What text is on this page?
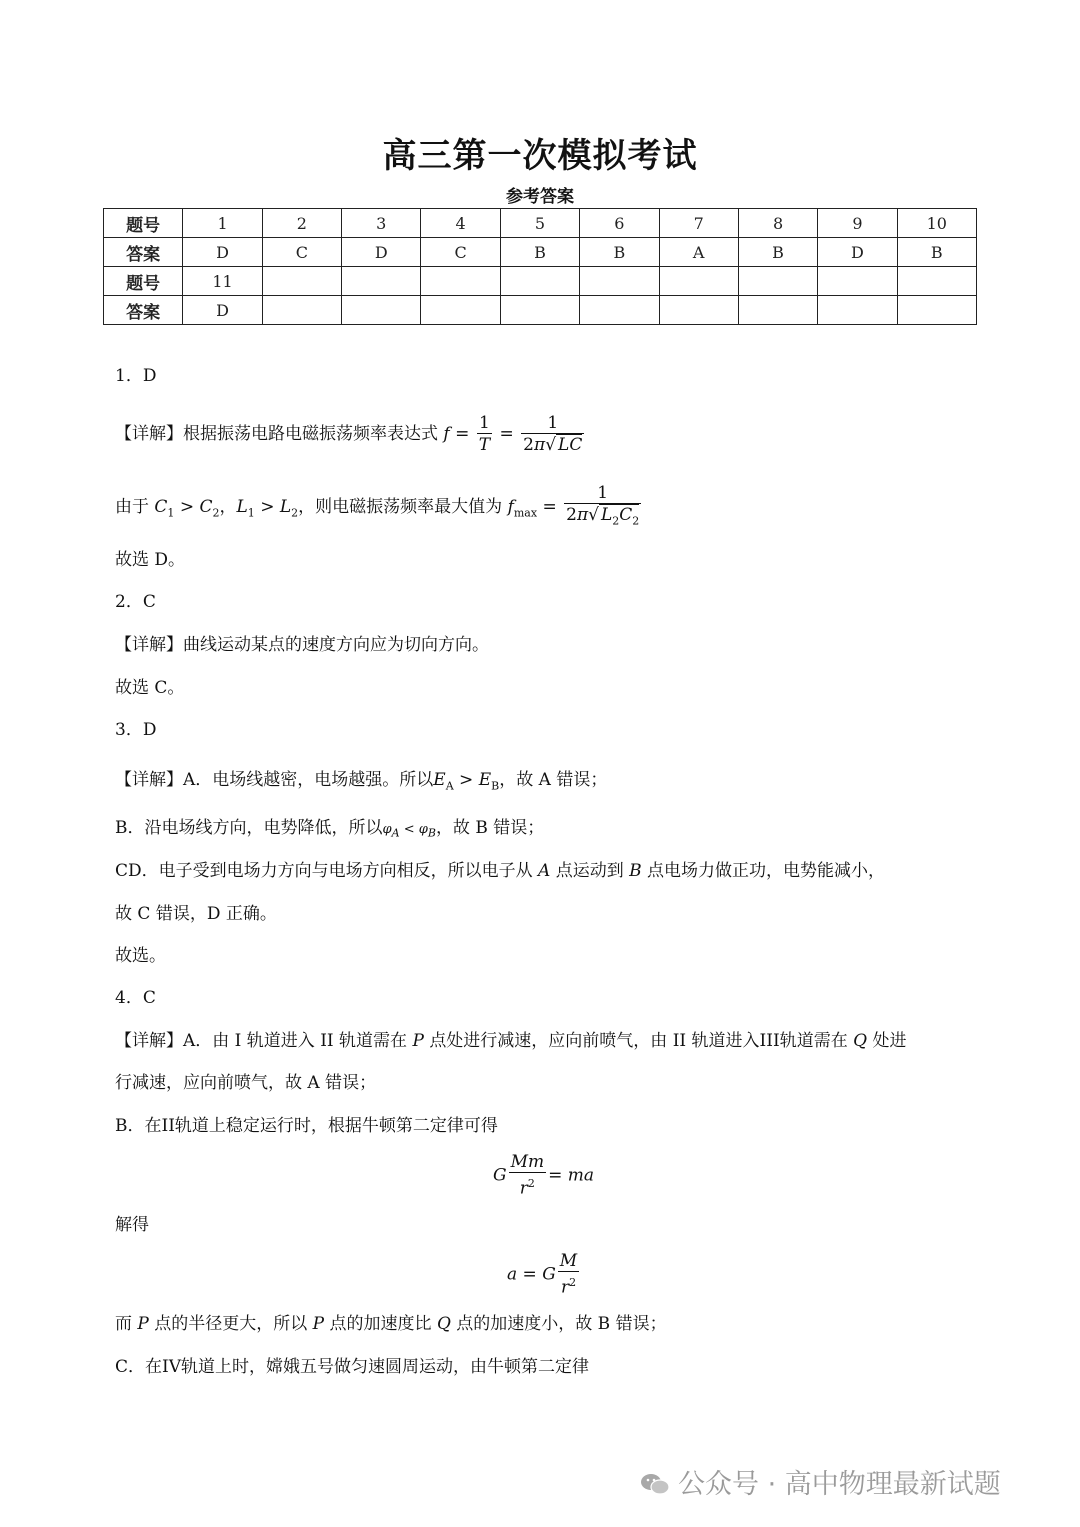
高三第一次模拟考试
参考答案
题号	1	2	3	4	5	6	7	8	9	10
答案	D	C	D	C	B	B	A	B	D	B
题号	11									
答案	D									
1．D
【详解】根据振荡电路电磁振荡频率表达式 $f = \frac{1}{T} = \frac{1}{2\pi√ LC}$
由于 $C_1 > C_2$，$L_1 > L_2$，则电磁振荡频率最大值为 $f_{max} = \frac{1}{2\pi√ L_2C_2}$
故选 D。
2．C
【详解】曲线运动某点的速度方向应为切向方向。
故选 C。
3．D
【详解】A．电场线越密，电场越强。所以$E_A > E_B$，故 A 错误；
B．沿电场线方向，电势降低，所以$\varphi_A < \varphi_B$，故 B 错误；
CD．电子受到电场力方向与电场方向相反，所以电子从 A 点运动到 B 点电场力做正功，电势能减小，
故 C 错误，D 正确。
故选。
4．C
【详解】A．由 I 轨道进入 II 轨道需在 P 点处进行减速，应向前喷气，由 II 轨道进入III轨道需在 Q 处进
行减速，应向前喷气，故 A 错误；
B．在II轨道上稳定运行时，根据牛顿第二定律可得
G $\frac{Mm}{r^2}$ = ma
解得
a = G $\frac{M}{r^2}$
而 P 点的半径更大，所以 P 点的加速度比 Q 点的加速度小，故 B 错误；
C．在IV轨道上时，嫦娥五号做匀速圆周运动，由牛顿第二定律
公众号 · 高中物理最新试题
